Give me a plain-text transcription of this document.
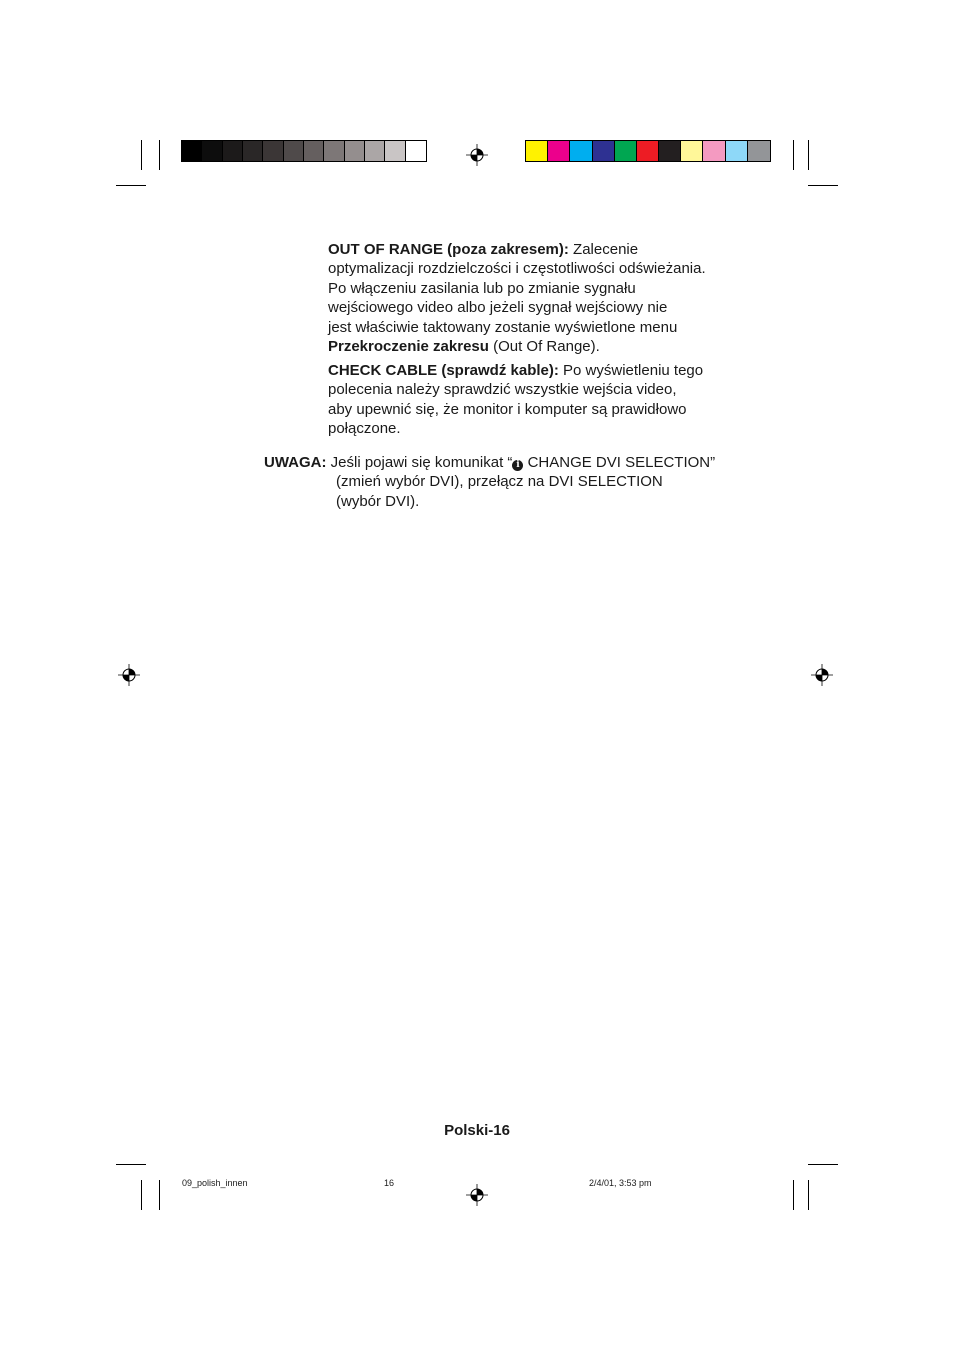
OUT OF RANGE (poza zakresem): Zalecenie

optymalizacji rozdzielczości i częstotliwości odświeżania.

Po włączeniu zasilania lub po zmianie sygnału

wejściowego video albo jeżeli sygnał wejściowy nie

jest właściwie taktowany zostanie wyświetlone menu

Przekroczenie zakresu (Out Of Range).

CHECK CABLE (sprawdź kable): Po wyświetleniu tego

polecenia należy sprawdzić wszystkie wejścia video,

aby upewnić się, że monitor i komputer są prawidłowo

połączone.

UWAGA: Jeśli pojawi się komunikat “ i CHANGE DVI SELECTION”

(zmień wybór DVI), przełącz na DVI SELECTION

(wybór DVI).

Polski-16
09_polish_innen	16	2/4/01, 3:53 pm
